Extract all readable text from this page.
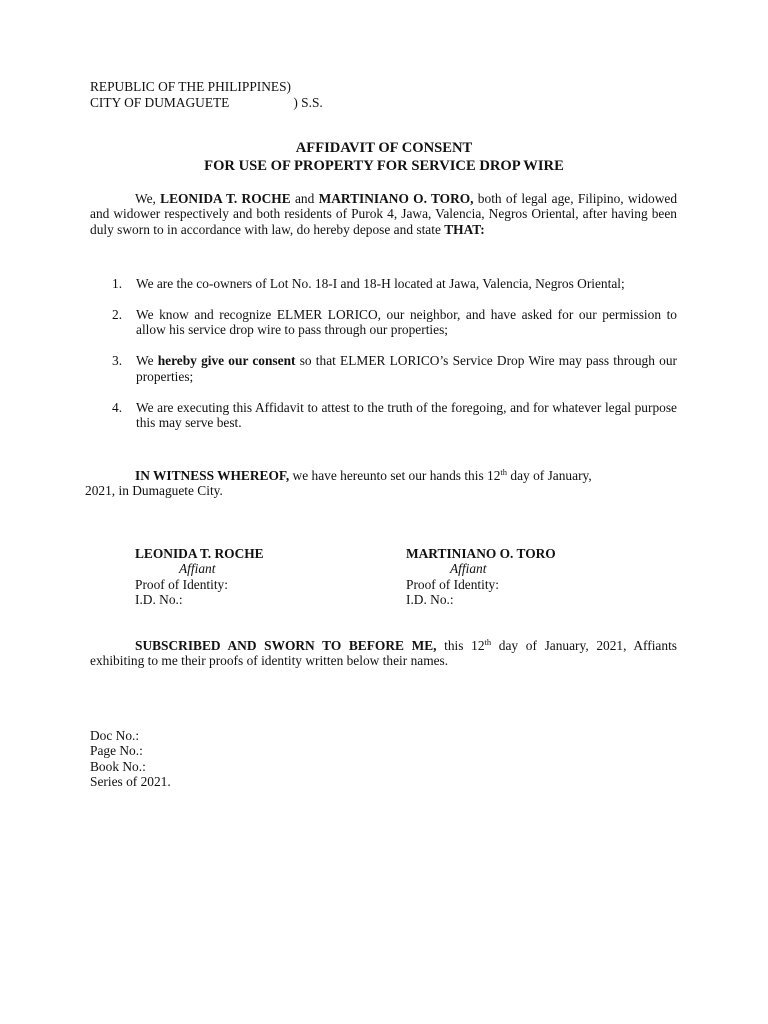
REPUBLIC OF THE PHILIPPINES)
CITY OF DUMAGUETE	) S.S.
AFFIDAVIT OF CONSENT
FOR USE OF PROPERTY FOR SERVICE DROP WIRE
We, LEONIDA T. ROCHE and MARTINIANO O. TORO, both of legal age, Filipino, widowed and widower respectively and both residents of Purok 4, Jawa, Valencia, Negros Oriental, after having been duly sworn to in accordance with law, do hereby depose and state THAT:
1. We are the co-owners of Lot No. 18-I and 18-H located at Jawa, Valencia, Negros Oriental;
2. We know and recognize ELMER LORICO, our neighbor, and have asked for our permission to allow his service drop wire to pass through our properties;
3. We hereby give our consent so that ELMER LORICO’s Service Drop Wire may pass through our properties;
4. We are executing this Affidavit to attest to the truth of the foregoing, and for whatever legal purpose this may serve best.
IN WITNESS WHEREOF, we have hereunto set our hands this 12th day of January,
2021, in Dumaguete City.
LEONIDA T. ROCHE
Affiant
Proof of Identity:
I.D. No.:
MARTINIANO O. TORO
Affiant
Proof of Identity:
I.D. No.:
SUBSCRIBED AND SWORN TO BEFORE ME, this 12th day of January, 2021, Affiants exhibiting to me their proofs of identity written below their names.
Doc No.:
Page No.:
Book No.:
Series of 2021.
